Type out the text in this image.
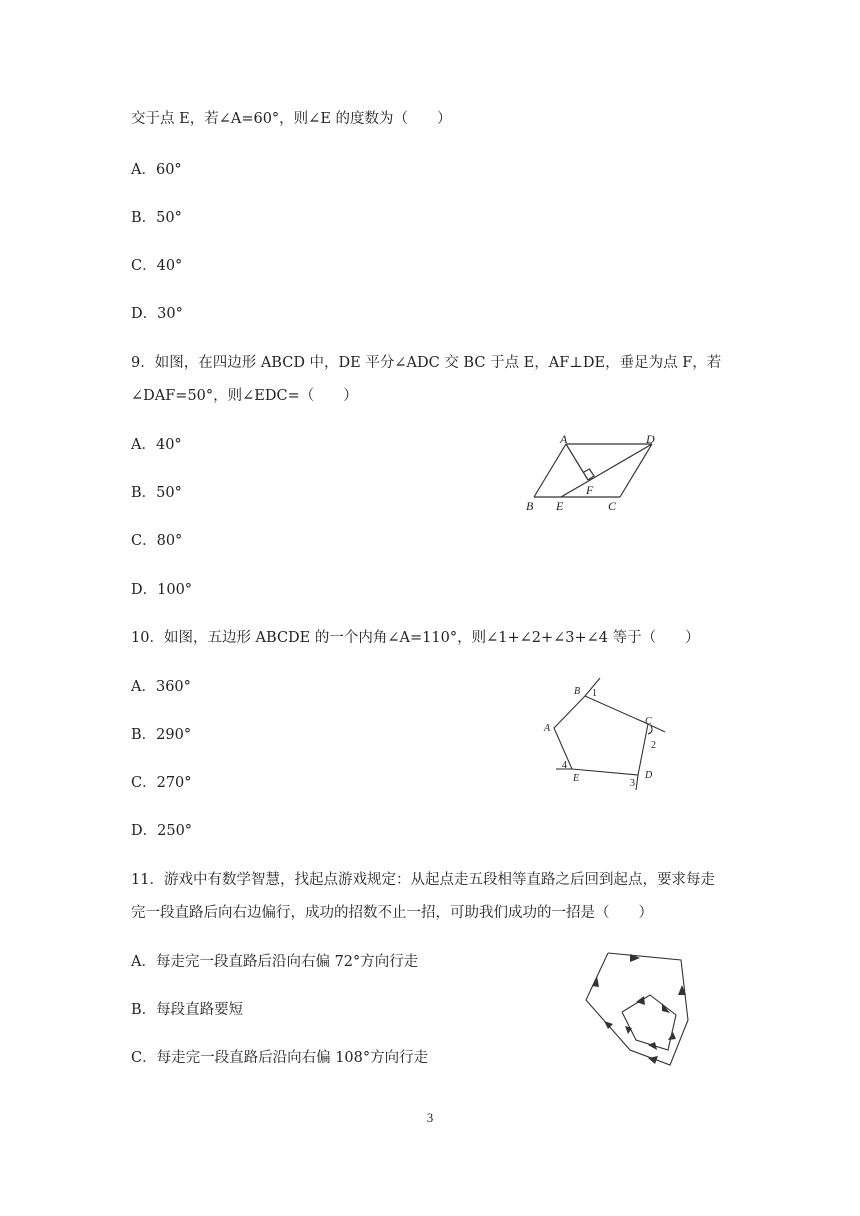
交于点 E，若∠A=60°，则∠E 的度数为（　　）
A．60°
B．50°
C．40°
D．30°
9．如图，在四边形 ABCD 中，DE 平分∠ADC 交 BC 于点 E，AF⊥DE，垂足为点 F，若
∠DAF=50°，则∠EDC=（　　）
A．40°
B．50°
C．80°
D．100°
A	D
F
B E	C
10．如图，五边形 ABCDE 的一个内角∠A=110°，则∠1+∠2+∠3+∠4 等于（　　）
A．360°
B．290°
C．270°
D．250°
B 1
C
2
A
4
E	D
3
11．游戏中有数学智慧，找起点游戏规定：从起点走五段相等直路之后回到起点，要求每走
完一段直路后向右边偏行，成功的招数不止一招，可助我们成功的一招是（　　）
A．每走完一段直路后沿向右偏 72°方向行走
B．每段直路要短
C．每走完一段直路后沿向右偏 108°方向行走
3
